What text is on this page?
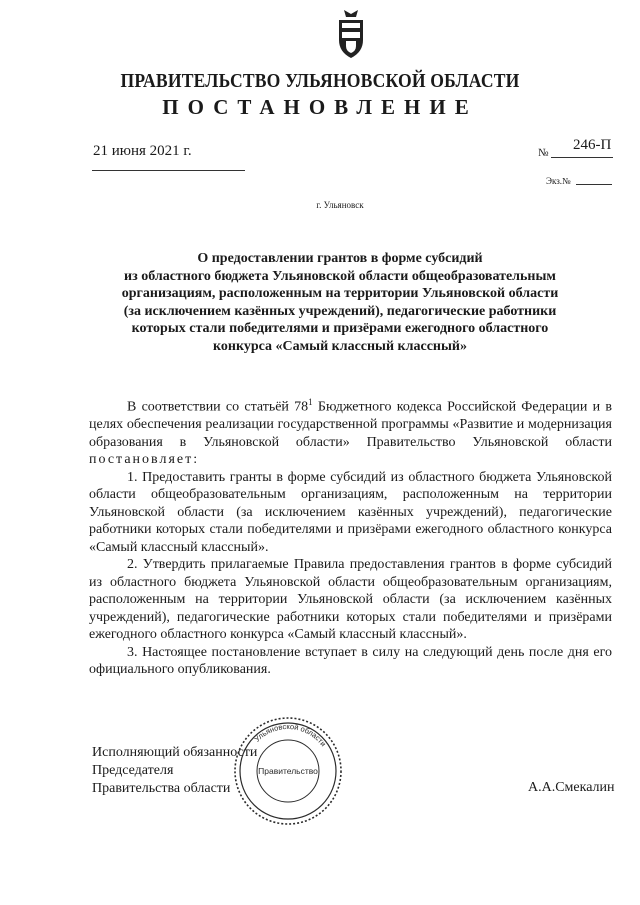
ПРАВИТЕЛЬСТВО УЛЬЯНОВСКОЙ ОБЛАСТИ
ПОСТАНОВЛЕНИЕ
21 июня 2021 г.	№ 246-П
Экз.№
г. Ульяновск
О предоставлении грантов в форме субсидий
из областного бюджета Ульяновской области общеобразовательным
организациям, расположенным на территории Ульяновской области
(за исключением казённых учреждений), педагогические работники
которых стали победителями и призёрами ежегодного областного
конкурса «Самый классный классный»

В соответствии со статьёй $78^1$ Бюджетного кодекса Российской Федерации и в целях обеспечения реализации государственной программы «Развитие и модернизация образования в Ульяновской области» Правительство Ульяновской области постановляет:

1. Предоставить гранты в форме субсидий из областного бюджета Ульяновской области общеобразовательным организациям, расположенным на территории Ульяновской области (за исключением казённых учреждений), педагогические работники которых стали победителями и призёрами ежегодного областного конкурса «Самый классный классный».

2. Утвердить прилагаемые Правила предоставления грантов в форме субсидий из областного бюджета Ульяновской области общеобразовательным организациям, расположенным на территории Ульяновской области (за исключением казённых учреждений), педагогические работники которых стали победителями и призёрами ежегодного областного конкурса «Самый классный классный».

3. Настоящее постановление вступает в силу на следующий день после дня его официального опубликования.

Исполняющий обязанности
Председателя
Правительства области	А.А.Смекалин
Ульяновской области
Правительство
